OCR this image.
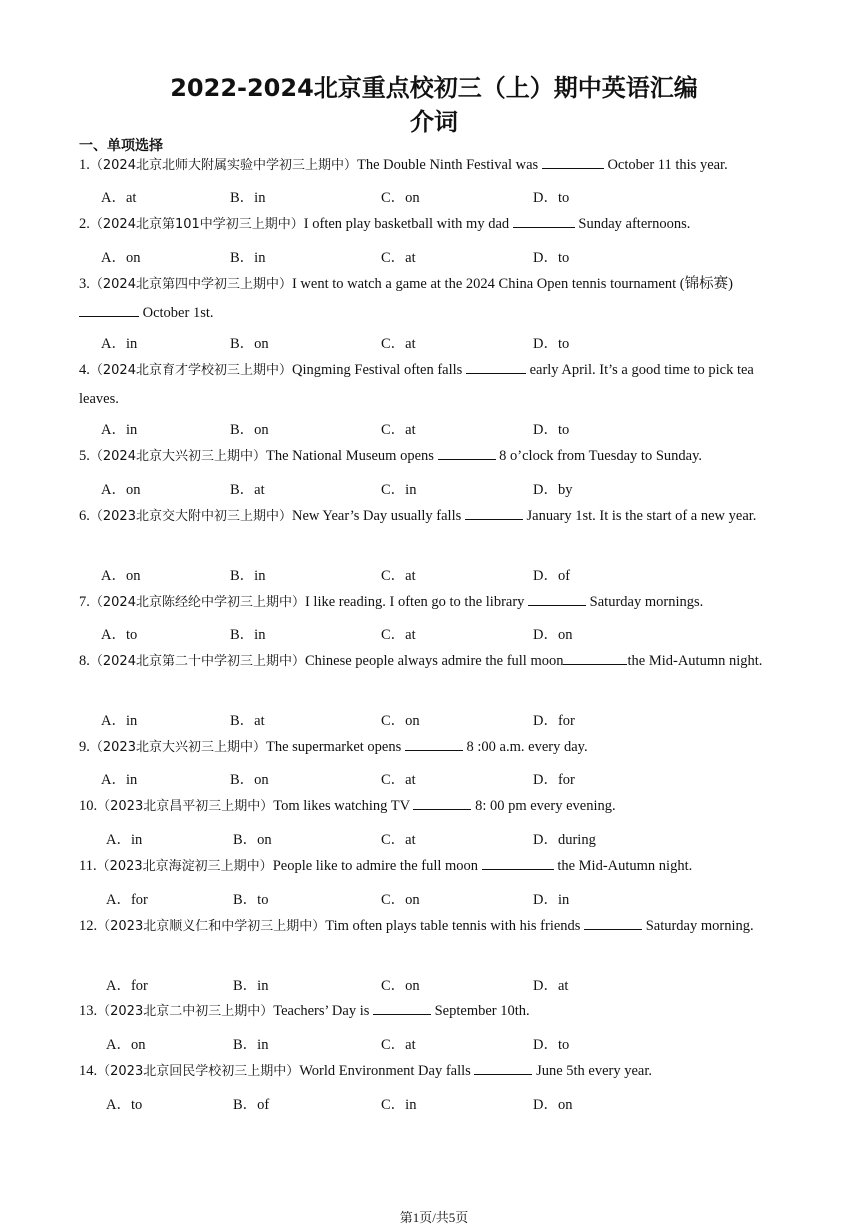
2022-2024北京重点校初三（上）期中英语汇编
介词
一、单项选择
1.（2024北京北师大附属实验中学初三上期中）The Double Ninth Festival was	October 11 this year.
A．at	B．in	C．on	D．to
2.（2024北京第101中学初三上期中）I often play basketball with my dad	Sunday afternoons.
A．on	B．in	C．at	D．to
3.（2024北京第四中学初三上期中）I went to watch a game at the 2024 China Open tennis tournament (锦标赛)
October 1st.
A．in	B．on	C．at	D．to
4.（2024北京育才学校初三上期中）Qingming Festival often falls	early April. It’s a good time to pick tea leaves.
A．in	B．on	C．at	D．to
5.（2024北京大兴初三上期中）The National Museum opens	8 o’clock from Tuesday to Sunday.
A．on	B．at	C．in	D．by
6.（2023北京交大附中初三上期中）New Year’s Day usually falls	January 1st. It is the start of a new year.
A．on	B．in	C．at	D．of
7.（2024北京陈经纶中学初三上期中）I like reading. I often go to the library	Saturday mornings.
A．to	B．in	C．at	D．on
8.（2024北京第二十中学初三上期中）Chinese people always admire the full moon	the Mid-Autumn night.
A．in	B．at	C．on	D．for
9.（2023北京大兴初三上期中）The supermarket opens	8 :00 a.m. every day.
A．in	B．on	C．at	D．for
10.（2023北京昌平初三上期中）Tom likes watching TV	8: 00 pm every evening.
A．in	B．on	C．at	D．during
11.（2023北京海淀初三上期中）People like to admire the full moon	the Mid-Autumn night.
A．for	B．to	C．on	D．in
12.（2023北京顺义仁和中学初三上期中）Tim often plays table tennis with his friends	Saturday morning.
A．for	B．in	C．on	D．at
13.（2023北京二中初三上期中）Teachers’ Day is	September 10th.
A．on	B．in	C．at	D．to
14.（2023北京回民学校初三上期中）World Environment Day falls	June 5th every year.
A．to	B．of	C．in	D．on
第1页/共5页
